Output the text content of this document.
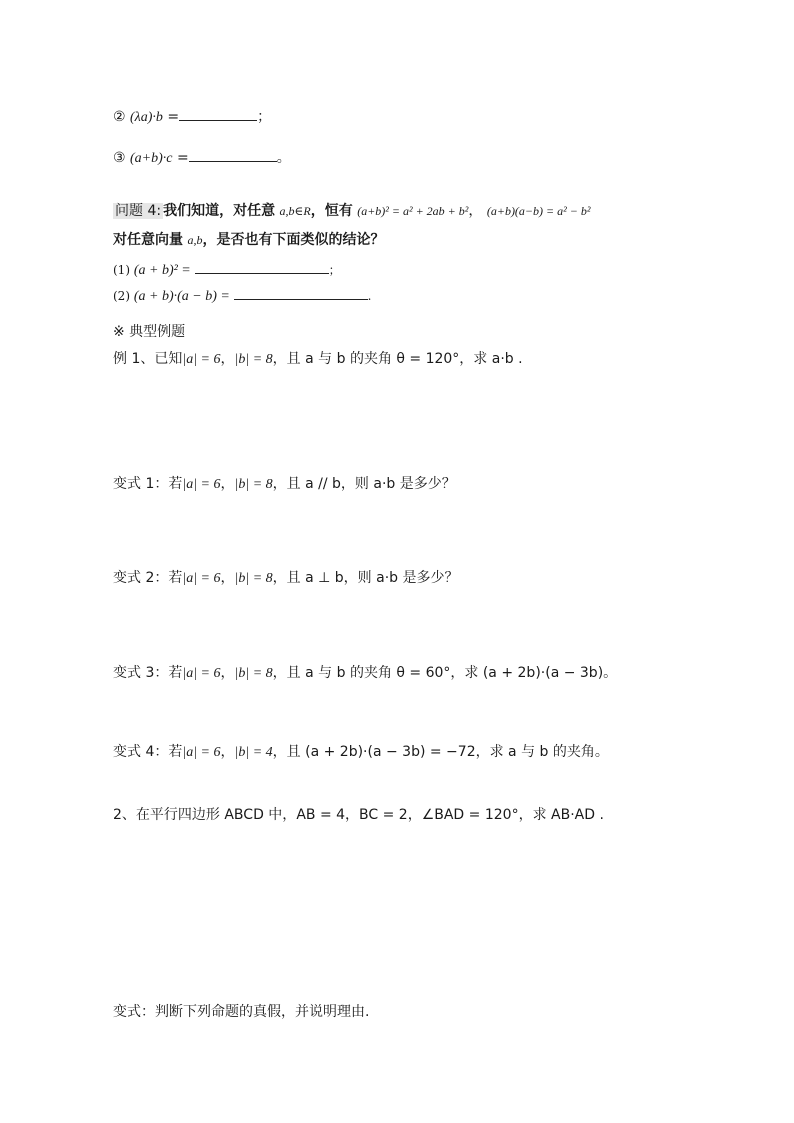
② (λa)·b =	；
③ (a+b)·c =	。
问题 4: 我们知道，对任意 a,b∈R，恒有 (a+b)² = a² + 2ab + b²， (a+b)(a−b) = a² − b²
对任意向量 a,b，是否也有下面类似的结论？
(1) (a + b)² =	；
(2) (a + b)·(a − b) =	.
※ 典型例题
例 1、已知|a| = 6，|b| = 8，且 a 与 b 的夹角 θ = 120°，求 a·b .
变式 1：若|a| = 6，|b| = 8，且 a // b，则 a·b 是多少？
变式 2：若|a| = 6，|b| = 8，且 a ⊥ b，则 a·b 是多少？
变式 3：若|a| = 6，|b| = 8，且 a 与 b 的夹角 θ = 60°，求 (a + 2b)·(a − 3b)。
变式 4：若|a| = 6，|b| = 4，且 (a + 2b)·(a − 3b) = −72，求 a 与 b 的夹角。
2、在平行四边形 ABCD 中，AB = 4，BC = 2，∠BAD = 120°，求 AB·AD .
变式：判断下列命题的真假，并说明理由.
